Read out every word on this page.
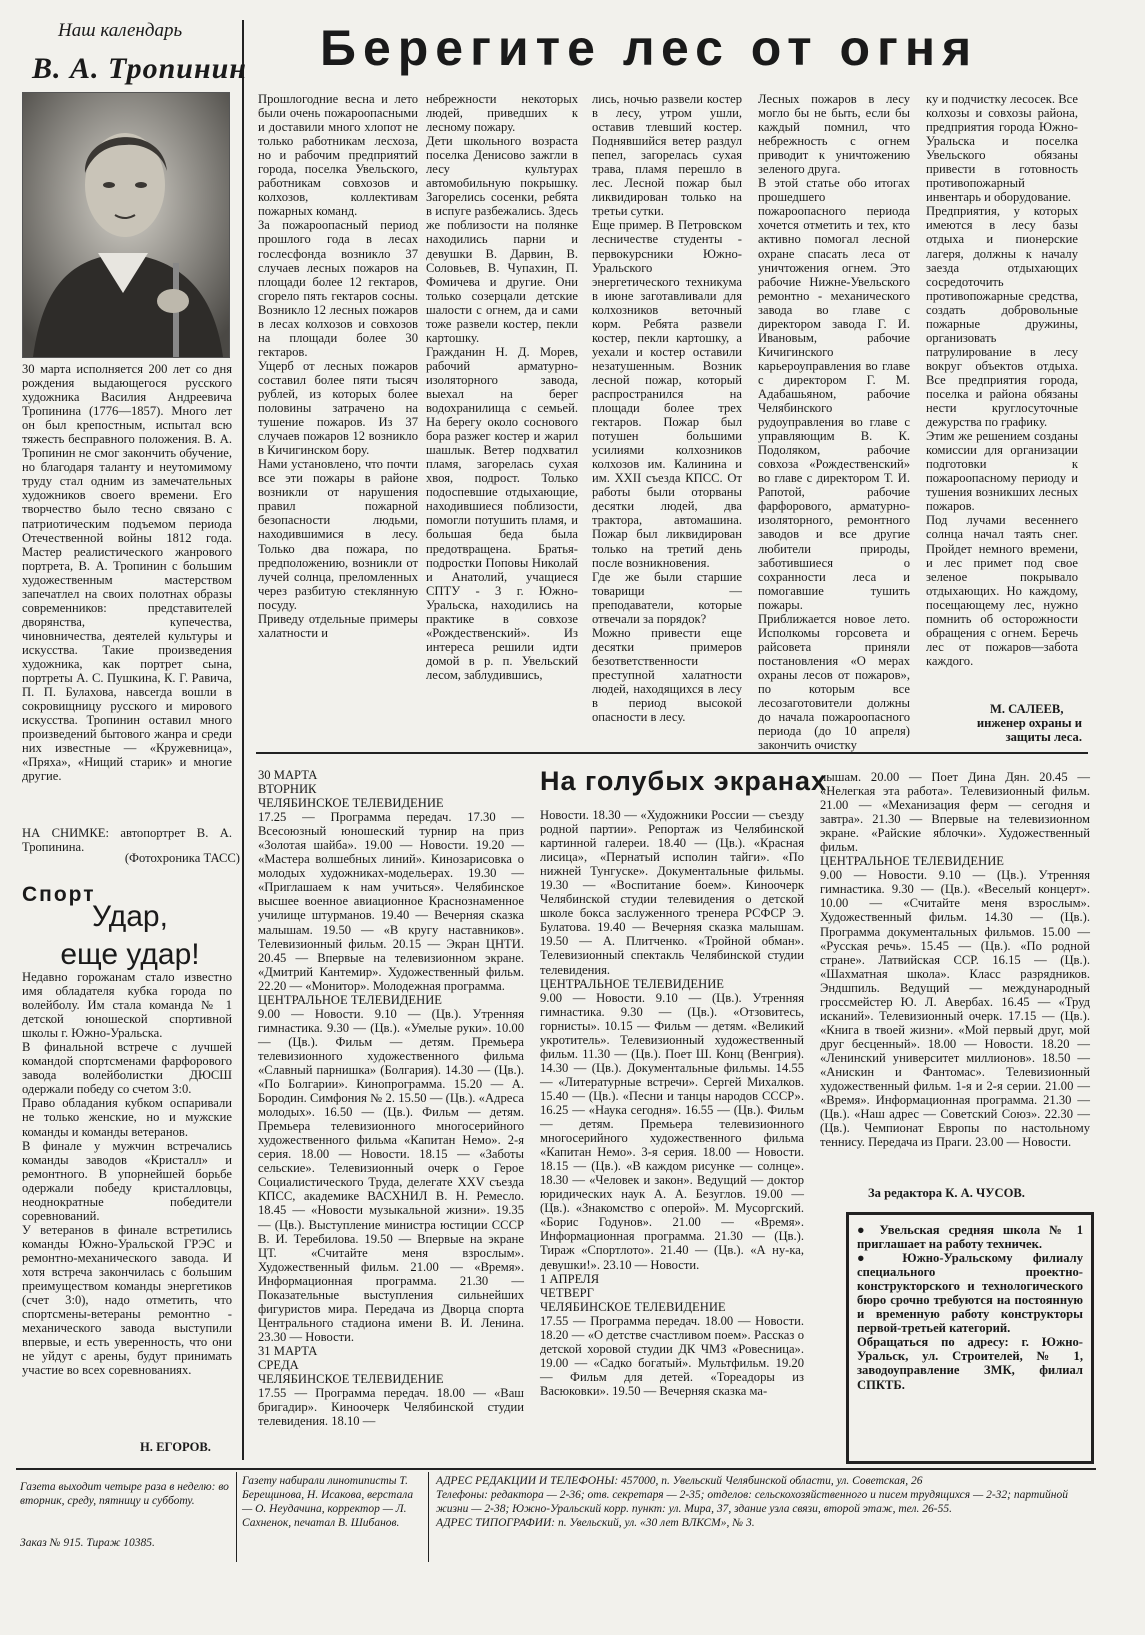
Наш календарь
В. А. Тропинин

30 марта исполняется 200 лет со дня рождения выдающегося русского художника Василия Андреевича Тропинина (1776—1857). Много лет он был крепостным, испытал всю тяжесть бесправного положения. В. А. Тропинин не смог закончить обучение, но благодаря таланту и неутомимому труду стал одним из замечательных художников своего времени. Его творчество было тесно связано с патриотическим подъемом периода Отечественной войны 1812 года. Мастер реалистического жанрового портрета, В. А. Тропинин с большим художественным мастерством запечатлел на своих полотнах образы современников: представителей дворянства, купечества, чиновничества, деятелей культуры и искусства. Такие произведения художника, как портрет сына, портреты А. С. Пушкина, К. Г. Равича, П. П. Булахова, навсегда вошли в сокровищницу русского и мирового искусства. Тропинин оставил много произведений бытового жанра и среди них известные — «Кружевница», «Пряха», «Нищий старик» и многие другие.

НА СНИМКЕ: автопортрет В. А. Тропинина.

(Фотохроника ТАСС)

Спорт
Удар,
еще удар!

Недавно горожанам стало известно имя обладателя кубка города по волейболу. Им стала команда № 1 детской юношеской спортивной школы г. Южно-Уральска.
В финальной встрече с лучшей командой спортсменами фарфорового завода волейболистки ДЮСШ одержали победу со счетом 3:0.
Право обладания кубком оспаривали не только женские, но и мужские команды и команды ветеранов.
В финале у мужчин встречались команды заводов «Кристалл» и ремонтного. В упорнейшей борьбе одержали победу кристалловцы, неоднократные победители соревнований.
У ветеранов в финале встретились команды Южно-Уральской ГРЭС и ремонтно-механического завода. И хотя встреча закончилась с большим преимуществом команды энергетиков (счет 3:0), надо отметить, что спортсмены-ветераны ремонтно - механического завода выступили впервые, и есть уверенность, что они не уйдут с арены, будут принимать участие во всех соревнованиях.

Н. ЕГОРОВ.
Берегите лес от огня

Прошлогодние весна и лето были очень пожароопасными и доставили много хлопот не только работникам лесхоза, но и рабочим предприятий города, поселка Увельского, работникам совхозов и колхозов, коллективам пожарных команд.
За пожароопасный период прошлого года в лесах гослесфонда возникло 37 случаев лесных пожаров на площади более 12 гектаров, сгорело пять гектаров сосны. Возникло 12 лесных пожаров в лесах колхозов и совхозов на площади более 30 гектаров.
Ущерб от лесных пожаров составил более пяти тысяч рублей, из которых более половины затрачено на тушение пожаров. Из 37 случаев пожаров 12 возникло в Кичигинском бору.
Нами установлено, что почти все эти пожары в районе возникли от нарушения правил пожарной безопасности людьми, находившимися в лесу. Только два пожара, по предположению, возникли от лучей солнца, преломленных через разбитую стеклянную посуду.
Приведу отдельные примеры халатности и

небрежности некоторых людей, приведших к лесному пожару.
Дети школьного возраста поселка Денисово зажгли в лесу культурах автомобильную покрышку. Загорелись сосенки, ребята в испуге разбежались. Здесь же поблизости на полянке находились парни и девушки В. Дарвин, В. Соловьев, В. Чупахин, П. Фомичева и другие. Они только созерцали детские шалости с огнем, да и сами тоже развели костер, пекли картошку.
Гражданин Н. Д. Морев, рабочий арматурно-изоляторного завода, выехал на берег водохранилища с семьей. На берегу около соснового бора разжег костер и жарил шашлык. Ветер подхватил пламя, загорелась сухая хвоя, подрост. Только подоспевшие отдыхающие, находившиеся поблизости, помогли потушить пламя, и большая беда была предотвращена. Братья-подростки Поповы Николай и Анатолий, учащиеся СПТУ - 3 г. Южно-Уральска, находились на практике в совхозе «Рождественский». Из интереса решили идти домой в р. п. Увельский лесом, заблудившись,

лись, ночью развели костер в лесу, утром ушли, оставив тлевший костер. Поднявшийся ветер раздул пепел, загорелась сухая трава, пламя перешло в лес. Лесной пожар был ликвидирован только на третьи сутки.
Еще пример. В Петровском лесничестве студенты - первокурсники Южно-Уральского энергетического техникума в июне заготавливали для колхозников веточный корм. Ребята развели костер, пекли картошку, а уехали и костер оставили незатушенным. Возник лесной пожар, который распространился на площади более трех гектаров. Пожар был потушен большими усилиями колхозников колхозов им. Калинина и им. XXII съезда КПСС. От работы были оторваны десятки людей, два трактора, автомашина. Пожар был ликвидирован только на третий день после возникновения.
Где же были старшие товарищи — преподаватели, которые отвечали за порядок?
Можно привести еще десятки примеров безответственности преступной халатности людей, находящихся в лесу в период высокой опасности в лесу.

Лесных пожаров в лесу могло бы не быть, если бы каждый помнил, что небрежность с огнем приводит к уничтожению зеленого друга.
В этой статье обо итогах прошедшего пожароопасного периода хочется отметить и тех, кто активно помогал лесной охране спасать леса от уничтожения огнем. Это рабочие Нижне-Увельского ремонтно - механического завода во главе с директором завода Г. И. Ивановым, рабочие Кичигинского карьероуправления во главе с директором Г. М. Адабашьяном, рабочие Челябинского рудоуправления во главе с управляющим В. К. Подоляком, рабочие совхоза «Рождественский» во главе с директором Т. И. Рапотой, рабочие фарфорового, арматурно-изоляторного, ремонтного заводов и все другие любители природы, заботившиеся о сохранности леса и помогавшие тушить пожары.
Приближается новое лето. Исполкомы горсовета и райсовета приняли постановления «О мерах охраны лесов от пожаров», по которым все лесозаготовители должны до начала пожароопасного периода (до 10 апреля) закончить очистку

ку и подчистку лесосек. Все колхозы и совхозы района, предприятия города Южно-Уральска и поселка Увельского обязаны привести в готовность противопожарный инвентарь и оборудование.
Предприятия, у которых имеются в лесу базы отдыха и пионерские лагеря, должны к началу заезда отдыхающих сосредоточить противопожарные средства, создать добровольные пожарные дружины, организовать патрулирование в лесу вокруг объектов отдыха. Все предприятия города, поселка и района обязаны нести круглосуточные дежурства по графику.
Этим же решением созданы комиссии для организации подготовки к пожароопасному периоду и тушения возникших лесных пожаров.
Под лучами весеннего солнца начал таять снег. Пройдет немного времени, и лес примет под свое зеленое покрывало отдыхающих. Но каждому, посещающему лес, нужно помнить об осторожности обращения с огнем. Беречь лес от пожаров—забота каждого.

М. САЛЕЕВ,
инженер охраны и защиты леса.
На голубых экранах

30 МАРТА
ВТОРНИК
ЧЕЛЯБИНСКОЕ ТЕЛЕВИДЕНИЕ
17.25 — Программа передач. 17.30 — Всесоюзный юношеский турнир на приз «Золотая шайба». 19.00 — Новости. 19.20 — «Мастера волшебных линий». Кинозарисовка о молодых художниках-модельерах. 19.30 — «Приглашаем к нам учиться». Челябинское высшее военное авиационное Краснознаменное училище штурманов. 19.40 — Вечерняя сказка малышам. 19.50 — «В кругу наставников». Телевизионный фильм. 20.15 — Экран ЦНТИ. 20.45 — Впервые на телевизионном экране. «Дмитрий Кантемир». Художественный фильм. 22.20 — «Монитор». Молодежная программа.
ЦЕНТРАЛЬНОЕ ТЕЛЕВИДЕНИЕ
9.00 — Новости. 9.10 — (Цв.). Утренняя гимнастика. 9.30 — (Цв.). «Умелые руки». 10.00 — (Цв.). Фильм — детям. Премьера телевизионного художественного фильма «Славный парнишка» (Болгария). 14.30 — (Цв.). «По Болгарии». Кинопрограмма. 15.20 — А. Бородин. Симфония № 2. 15.50 — (Цв.). «Адреса молодых». 16.50 — (Цв.). Фильм — детям. Премьера телевизионного многосерийного художественного фильма «Капитан Немо». 2-я серия. 18.00 — Новости. 18.15 — «Заботы сельские». Телевизионный очерк о Герое Социалистического Труда, делегате XXV съезда КПСС, академике ВАСХНИЛ В. Н. Ремесло. 18.45 — «Новости музыкальной жизни». 19.35 — (Цв.). Выступление министра юстиции СССР В. И. Теребилова. 19.50 — Впервые на экране ЦТ. «Считайте меня взрослым». Художественный фильм. 21.00 — «Время». Информационная программа. 21.30 — Показательные выступления сильнейших фигуристов мира. Передача из Дворца спорта Центрального стадиона имени В. И. Ленина. 23.30 — Новости.
31 МАРТА
СРЕДА
ЧЕЛЯБИНСКОЕ ТЕЛЕВИДЕНИЕ
17.55 — Программа передач. 18.00 — «Ваш бригадир». Киноочерк Челябинской студии телевидения. 18.10 —

Новости. 18.30 — «Художники России — съезду родной партии». Репортаж из Челябинской картинной галереи. 18.40 — (Цв.). «Красная лисица», «Пернатый исполин тайги». «По нижней Тунгуске». Документальные фильмы. 19.30 — «Воспитание боем». Киноочерк Челябинской студии телевидения о детской школе бокса заслуженного тренера РСФСР Э. Булатова. 19.40 — Вечерняя сказка малышам. 19.50 — А. Плитченко. «Тройной обман». Телевизионный спектакль Челябинской студии телевидения.
ЦЕНТРАЛЬНОЕ ТЕЛЕВИДЕНИЕ
9.00 — Новости. 9.10 — (Цв.). Утренняя гимнастика. 9.30 — (Цв.). «Отзовитесь, горнисты». 10.15 — Фильм — детям. «Великий укротитель». Телевизионный художественный фильм. 11.30 — (Цв.). Поет Ш. Конц (Венгрия). 14.30 — (Цв.). Документальные фильмы. 14.55 — «Литературные встречи». Сергей Михалков. 15.40 — (Цв.). «Песни и танцы народов СССР». 16.25 — «Наука сегодня». 16.55 — (Цв.). Фильм — детям. Премьера телевизионного многосерийного художественного фильма «Капитан Немо». 3-я серия. 18.00 — Новости. 18.15 — (Цв.). «В каждом рисунке — солнце». 18.30 — «Человек и закон». Ведущий — доктор юридических наук А. А. Безуглов. 19.00 — (Цв.). «Знакомство с оперой». М. Мусоргский. «Борис Годунов». 21.00 — «Время». Информационная программа. 21.30 — (Цв.). Тираж «Спортлото». 21.40 — (Цв.). «А ну-ка, девушки!». 23.10 — Новости.
1 АПРЕЛЯ
ЧЕТВЕРГ
ЧЕЛЯБИНСКОЕ ТЕЛЕВИДЕНИЕ
17.55 — Программа передач. 18.00 — Новости. 18.20 — «О детстве счастливом поем». Рассказ о детской хоровой студии ДК ЧМЗ «Ровесница». 19.00 — «Садко богатый». Мультфильм. 19.20 — Фильм для детей. «Тореадоры из Васюковки». 19.50 — Вечерняя сказка ма-

лышам. 20.00 — Поет Дина Дян. 20.45 — «Нелегкая эта работа». Телевизионный фильм. 21.00 — «Механизация ферм — сегодня и завтра». 21.30 — Впервые на телевизионном экране. «Райские яблочки». Художественный фильм.
ЦЕНТРАЛЬНОЕ ТЕЛЕВИДЕНИЕ
9.00 — Новости. 9.10 — (Цв.). Утренняя гимнастика. 9.30 — (Цв.). «Веселый концерт». 10.00 — «Считайте меня взрослым». Художественный фильм. 14.30 — (Цв.). Программа документальных фильмов. 15.00 — «Русская речь». 15.45 — (Цв.). «По родной стране». Латвийская ССР. 16.15 — (Цв.). «Шахматная школа». Класс разрядников. Эндшпиль. Ведущий — международный гроссмейстер Ю. Л. Авербах. 16.45 — «Труд исканий». Телевизионный очерк. 17.15 — (Цв.). «Книга в твоей жизни». «Мой первый друг, мой друг бесценный». 18.00 — Новости. 18.20 — «Ленинский университет миллионов». 18.50 — «Анискин и Фантомас». Телевизионный художественный фильм. 1-я и 2-я серии. 21.00 — «Время». Информационная программа. 21.30 — (Цв.). «Наш адрес — Советский Союз». 22.30 — (Цв.). Чемпионат Европы по настольному теннису. Передача из Праги. 23.00 — Новости.

За редактора К. А. ЧУСОВ.

● Увельская средняя школа № 1 приглашает на работу техничек.
● Южно-Уральскому филиалу специального проектно-конструкторского и технологического бюро срочно требуются на постоянную и временную работу конструкторы первой-третьей категорий.
Обращаться по адресу: г. Южно-Уральск, ул. Строителей, № 1, заводоуправление ЗМК, филиал СПКТБ.

Газета выходит четыре раза в неделю: во вторник, среду, пятницу и субботу.

Заказ № 915. Тираж 10385.

Газету набирали линотиписты Т. Берещинова, Н. Исакова, верстала — О. Неудачина, корректор — Л. Сахненок, печатал В. Шибанов.

АДРЕС РЕДАКЦИИ И ТЕЛЕФОНЫ: 457000, п. Увельский Челябинской области, ул. Советская, 26
Телефоны: редактора — 2-36; отв. секретаря — 2-35; отделов: сельскохозяйственного и писем трудящихся — 2-32; партийной жизни — 2-38; Южно-Уральский корр. пункт: ул. Мира, 37, здание узла связи, второй этаж, тел. 26-55.
АДРЕС ТИПОГРАФИИ: п. Увельский, ул. «30 лет ВЛКСМ», № 3.
